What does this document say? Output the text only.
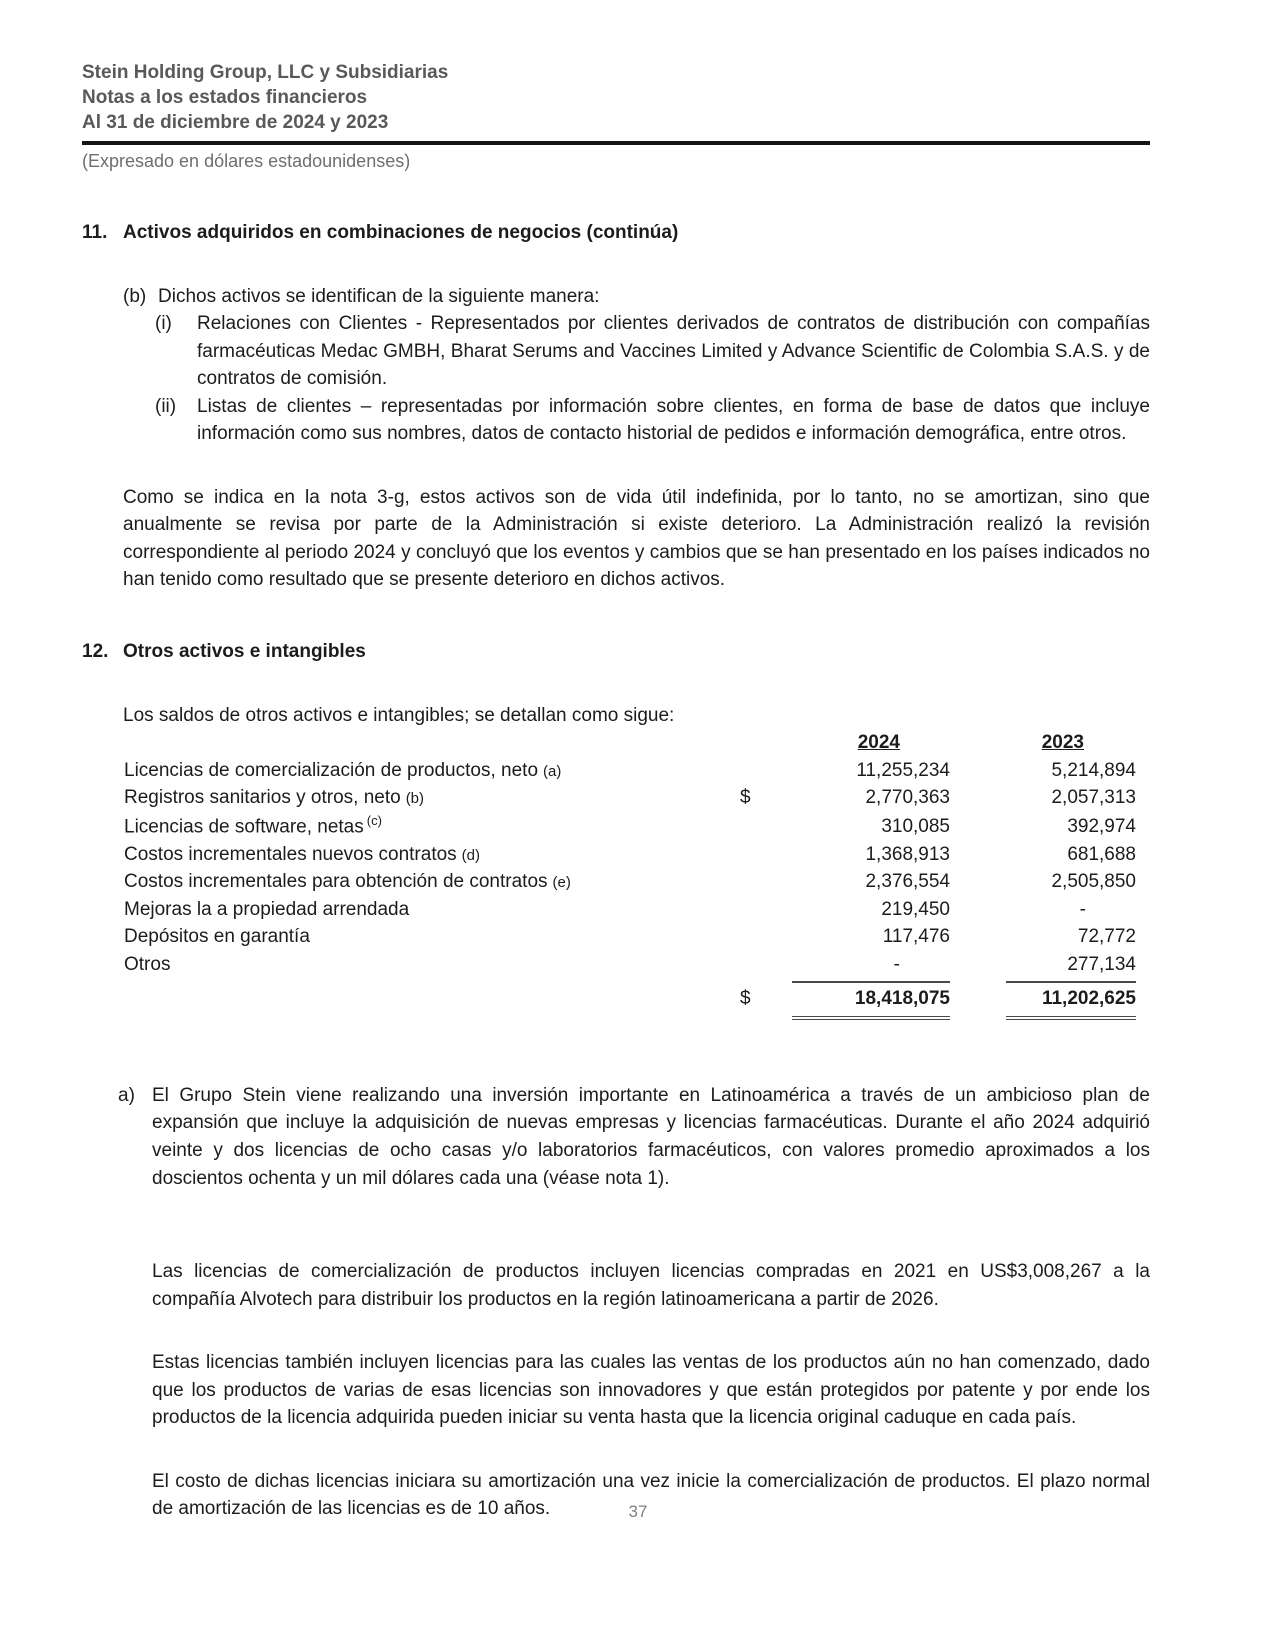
Stein Holding Group, LLC y Subsidiarias
Notas a los estados financieros
Al 31 de diciembre de 2024 y 2023
(Expresado en dólares estadounidenses)
11. Activos adquiridos en combinaciones de negocios (continúa)
(b) Dichos activos se identifican de la siguiente manera:
(i)	Relaciones con Clientes - Representados por clientes derivados de contratos de distribución con compañías farmacéuticas Medac GMBH, Bharat Serums and Vaccines Limited y Advance Scientific de Colombia S.A.S. y de contratos de comisión.
(ii)	Listas de clientes – representadas por información sobre clientes, en forma de base de datos que incluye información como sus nombres, datos de contacto historial de pedidos e información demográfica, entre otros.

Como se indica en la nota 3-g, estos activos son de vida útil indefinida, por lo tanto, no se amortizan, sino que anualmente se revisa por parte de la Administración si existe deterioro. La Administración realizó la revisión correspondiente al periodo 2024 y concluyó que los eventos y cambios que se han presentado en los países indicados no han tenido como resultado que se presente deterioro en dichos activos.

12. Otros activos e intangibles

Los saldos de otros activos e intangibles; se detallan como sigue:

2024	2023
Licencias de comercialización de productos, neto (a)	11,255,234	5,214,894
Registros sanitarios y otros, neto (b)	$	2,770,363	2,057,313
Licencias de software, netas $^{(c)}$	310,085	392,974
Costos incrementales nuevos contratos (d)	1,368,913	681,688
Costos incrementales para obtención de contratos (e)	2,376,554	2,505,850
Mejoras la a propiedad arrendada	219,450	-
Depósitos en garantía	117,476	72,772
Otros	-	277,134
$	18,418,075	11,202,625
a) El Grupo Stein viene realizando una inversión importante en Latinoamérica a través de un ambicioso plan de expansión que incluye la adquisición de nuevas empresas y licencias farmacéuticas. Durante el año 2024 adquirió veinte y dos licencias de ocho casas y/o laboratorios farmacéuticos, con valores promedio aproximados a los doscientos ochenta y un mil dólares cada una (véase nota 1).

Las licencias de comercialización de productos incluyen licencias compradas en 2021 en US$3,008,267 a la compañía Alvotech para distribuir los productos en la región latinoamericana a partir de 2026.

Estas licencias también incluyen licencias para las cuales las ventas de los productos aún no han comenzado, dado que los productos de varias de esas licencias son innovadores y que están protegidos por patente y por ende los productos de la licencia adquirida pueden iniciar su venta hasta que la licencia original caduque en cada país.

El costo de dichas licencias iniciara su amortización una vez inicie la comercialización de productos. El plazo normal de amortización de las licencias es de 10 años.	37
